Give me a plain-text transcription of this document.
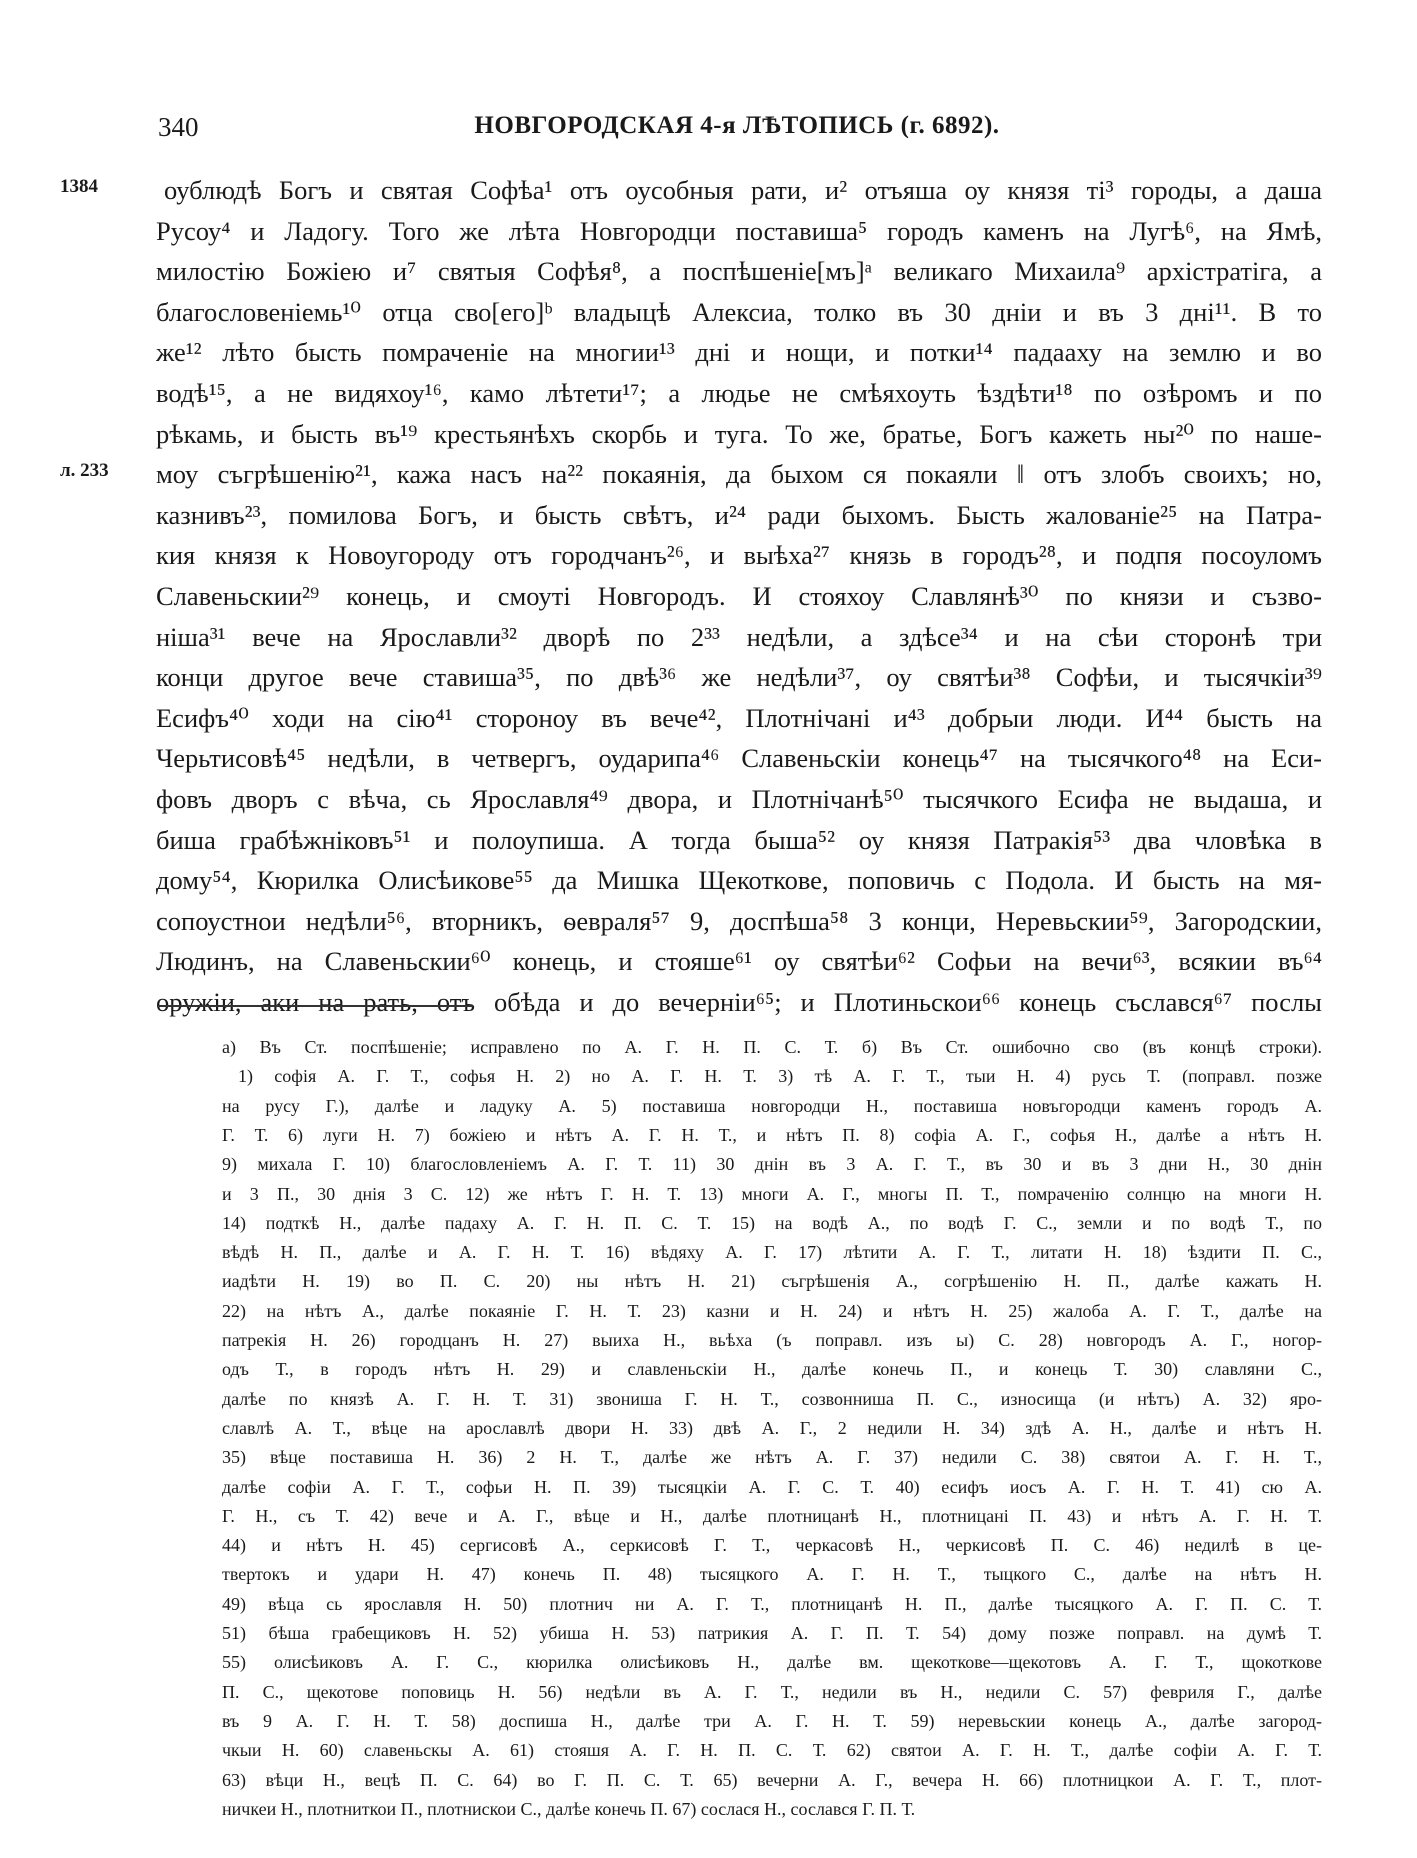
340	НОВГОРОДСКАЯ 4-я ЛѢТОПИСЬ (г. 6892).
1384 оублюдѣ Богъ и святая Софѣа¹ отъ оусобныя рати, и² отъяша оу князя ті³ городы, а даша
Русоу⁴ и Ладогу. Того же лѣта Новгородци поставиша⁵ городъ каменъ на Лугѣ⁶, на Ямѣ,
милостію Божіею и⁷ святыя Софѣя⁸, а поспѣшеніе[мъ]ᵃ великаго Михаила⁹ архістратіга, а
благословеніемь¹⁰ отца сво[его]ᵇ владыцѣ Алексиа, толко въ 30 дніи и въ 3 дні¹¹. В то
же¹² лѣто бысть помраченіе на многии¹³ дні и нощи, и потки¹⁴ падааху на землю и во
водѣ¹⁵, а не видяхоу¹⁶, камо лѣтети¹⁷; а людье не смѣяхоуть ѣздѣти¹⁸ по озѣромъ и по
рѣкамь, и бысть въ¹⁹ крестьянѣхъ скорбь и туга. То же, братье, Богъ кажеть ны²⁰ по наше-
л. 233 моу съгрѣшенію²¹, кажа насъ на²² покаянія, да быхом ся покаяли ‖ отъ злобъ своихъ; но,
казнивъ²³, помилова Богъ, и бысть свѣтъ, и²⁴ ради быхомъ. Бысть жалованіе²⁵ на Патра-
кия князя к Новоугороду отъ городчанъ²⁶, и выѣха²⁷ князь в городъ²⁸, и подпя посоуломъ
Славеньскии²⁹ конець, и смоуті Новгородъ. И стояхоу Славлянѣ³⁰ по князи и съзво-
ніша³¹ вече на Ярославли³² дворѣ по 2³³ недѣли, а здѣсе³⁴ и на сѣи сторонѣ три
конци другое вече ставиша³⁵, по двѣ³⁶ же недѣли³⁷, оу святѣи³⁸ Софѣи, и тысячкіи³⁹
Есифъ⁴⁰ ходи на сію⁴¹ стороноу въ вече⁴², Плотнічані и⁴³ добрыи люди. И⁴⁴ бысть на
Черьтисовѣ⁴⁵ недѣли, в четвергъ, оударипа⁴⁶ Славеньскіи конець⁴⁷ на тысячкого⁴⁸ на Еси-
фовъ дворъ с вѣча, сь Ярославля⁴⁹ двора, и Плотнічанѣ⁵⁰ тысячкого Есифа не выдаша, и
биша грабѣжніковъ⁵¹ и полоупиша. А тогда быша⁵² оу князя Патракія⁵³ два чловѣка в
дому⁵⁴, Кюрилка Олисѣиковe⁵⁵ да Мишка Щекоткове, поповичь с Подола. И бысть на мя-
сопоустнои недѣли⁵⁶, вторникъ, ѳевраля⁵⁷ 9, доспѣша⁵⁸ 3 конци, Неревьскии⁵⁹, Загородскии,
Людинъ, на Славеньскии⁶⁰ конець, и стояше⁶¹ оу святѣи⁶² Софьи на вечи⁶³, всякии въ⁶⁴
оружіи, аки на рать, отъ обѣда и до вечерніи⁶⁵; и Плотиньскои⁶⁶ конець съслався⁶⁷ послы
а) Въ Ст. поспѣшеніе; исправлено по А. Г. Н. П. С. Т. б) Въ Ст. ошибочно сво (въ концѣ строки).
1) софія А. Г. Т., софья Н. 2) но А. Г. Н. Т. 3) тѣ А. Г. Т., тыи Н. 4) русь Т. (поправл. позже
на русу Г.), далѣе и ладуку А. 5) поставиша новгородци Н., поставиша новъгородци каменъ городъ А.
Г. Т. 6) луги Н. 7) божіею и нѣтъ А. Г. Н. Т., и нѣтъ П. 8) софіа А. Г., софья Н., далѣе а нѣтъ Н.
9) михала Г. 10) благословленіемъ А. Г. Т. 11) 30 днін въ 3 А. Г. Т., въ 30 и въ 3 дни Н., 30 днін
и 3 П., 30 днія 3 С. 12) же нѣтъ Г. Н. Т. 13) многи А. Г., многы П. Т., помраченію солнцю на многи Н.
14) подткѣ Н., далѣе падаху А. Г. Н. П. С. Т. 15) на водѣ А., по водѣ Г. С., земли и по водѣ Т., по
вѣдѣ Н. П., далѣе и А. Г. Н. Т. 16) вѣдяху А. Г. 17) лѣтити А. Г. Т., литати Н. 18) ѣздити П. С.,
иадѣти Н. 19) во П. С. 20) ны нѣтъ Н. 21) съгрѣшенія А., согрѣшенію Н. П., далѣе кажать Н.
22) на нѣтъ А., далѣе покаяніе Г. Н. Т. 23) казни и Н. 24) и нѣтъ Н. 25) жалоба А. Г. Т., далѣе на
патрекія Н. 26) городцанъ Н. 27) выиха Н., вьѣха (ъ поправл. изъ ы) С. 28) новгородъ А. Г., ногор-
одъ Т., в городъ нѣтъ Н. 29) и славленьскіи Н., далѣе конечь П., и конець Т. 30) славляни С.,
далѣе по князѣ А. Г. Н. Т. 31) звониша Г. Н. Т., созвонниша П. С., износища (и нѣтъ) А. 32) яро-
славлѣ А. Т., вѣце на арославлѣ двори Н. 33) двѣ А. Г., 2 недили Н. 34) здѣ А. Н., далѣе и нѣтъ Н.
35) вѣце поставиша Н. 36) 2 Н. Т., далѣе же нѣтъ А. Г. 37) недили С. 38) святои А. Г. Н. Т.,
далѣе софіи А. Г. Т., софьи Н. П. 39) тысяцкіи А. Г. С. Т. 40) есифъ иосъ А. Г. Н. Т. 41) сю А.
Г. Н., съ Т. 42) вече и А. Г., вѣце и Н., далѣе плотницанѣ Н., плотницані П. 43) и нѣтъ А. Г. Н. Т.
44) и нѣтъ Н. 45) сергисовѣ А., серкисовѣ Г. Т., черкасовѣ Н., черкисовѣ П. С. 46) недилѣ в це-
твертокъ и удари Н. 47) конечь П. 48) тысяцкого А. Г. Н. Т., тыцкого С., далѣе на нѣтъ Н.
49) вѣца сь ярославля Н. 50) плотнич ни А. Г. Т., плотницанѣ Н. П., далѣе тысяцкого А. Г. П. С. Т.
51) бѣша грабещиковъ Н. 52) убиша Н. 53) патрикия А. Г. П. Т. 54) дому позже поправл. на думѣ Т.
55) олисѣиковъ А. Г. С., кюрилка олисѣиковъ Н., далѣе вм. щекоткове—щекотовъ А. Г. Т., щокоткове
П. С., щекотове поповиць Н. 56) недѣли въ А. Г. Т., недили въ Н., недили С. 57) февриля Г., далѣе
въ 9 А. Г. Н. Т. 58) доспиша Н., далѣе три А. Г. Н. Т. 59) неревьскии конець А., далѣе загород-
чкыи Н. 60) славеньскы А. 61) стояшя А. Г. Н. П. С. Т. 62) святои А. Г. Н. Т., далѣе софіи А. Г. Т.
63) вѣци Н., вецѣ П. С. 64) во Г. П. С. Т. 65) вечерни А. Г., вечера Н. 66) плотницкои А. Г. Т., плот-
ничкеи Н., плотниткои П., плотнискои С., далѣе конечь П. 67) сослася Н., сослався Г. П. Т.
